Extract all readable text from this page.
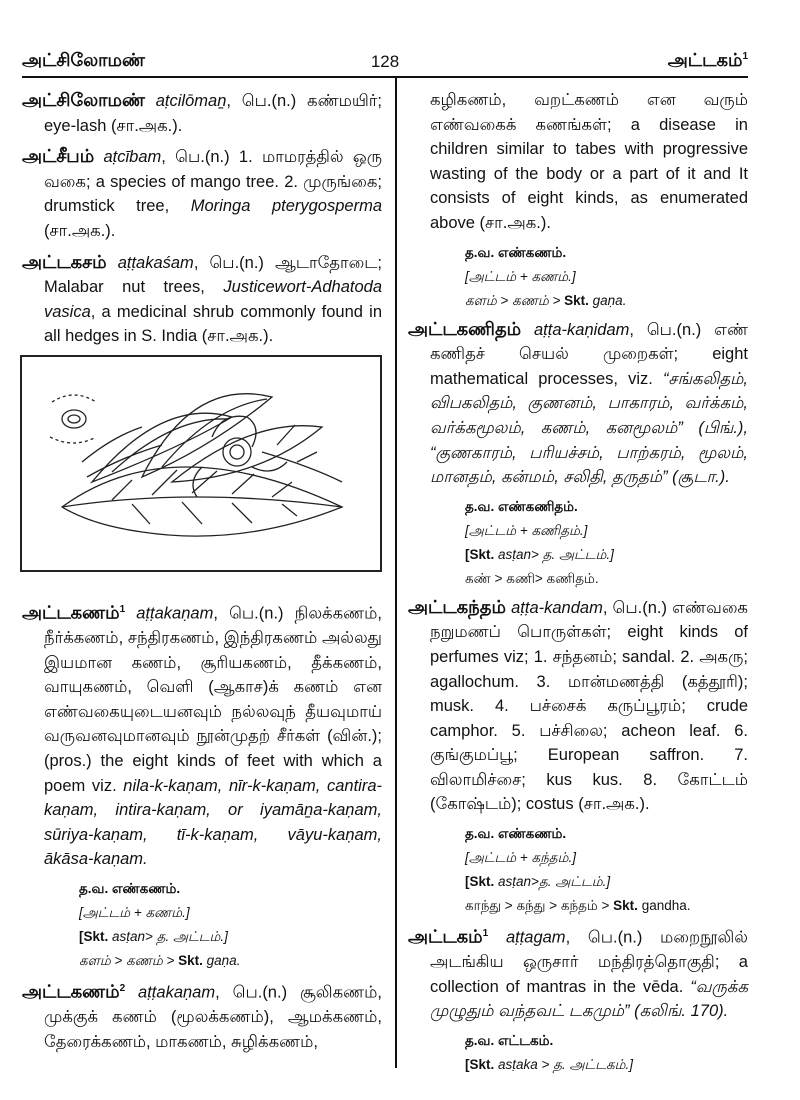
அட்சிலோமண்	128	அட்டகம்$^1$
அட்சிலோமண் aṭcilōmaṉ, பெ.(n.) கண்மயிர்; eye-lash (சா.அக.).
அட்சீபம் aṭcībam, பெ.(n.) 1. மாமரத்தில் ஒரு வகை; a species of mango tree. 2. முருங்கை; drumstick tree, Moringa pterygosperma (சா.அக.).
அட்டகசம் aṭṭakaśam, பெ.(n.) ஆடாதோடை; Malabar nut trees, Justicewort-Adhatoda vasica, a medicinal shrub commonly found in all hedges in S. India (சா.அக.).
அட்டகணம்$^1$ aṭṭakaṇam, பெ.(n.) நிலக்கணம், நீர்க்கணம், சந்திரகணம், இந்திரகணம் அல்லது இயமான கணம், சூரியகணம், தீக்கணம், வாயுகணம், வெளி (ஆகாச)க் கணம் என எண்வகையுடையனவும் நல்லவுந் தீயவுமாய் வருவனவுமானவும் நூன்முதற் சீர்கள் (வின்.); (pros.) the eight kinds of feet with which a poem viz. nila-k-kaṇam, nīr-k-kaṇam, cantira-kaṇam, intira-kaṇam, or iyamāṉa-kaṇam, sūriya-kaṇam, tī-k-kaṇam, vāyu-kaṇam, ākāsa-kaṇam.
த.வ. எண்கணம்.
[அட்டம் + கணம்.]
[Skt. asṭan> த. அட்டம்.]
களம் > கணம் > Skt. gaṇa.
அட்டகணம்$^2$ aṭṭakaṇam, பெ.(n.) சூலிகணம், முக்குக் கணம் (மூலக்கணம்), ஆமக்கணம், தேரைக்கணம், மாகணம், சுழிக்கணம்,
கழிகணம், வறட்கணம் என வரும் எண்வகைக் கணங்கள்; a disease in children similar to tabes with progressive wasting of the body or a part of it and It consists of eight kinds, as enumerated above (சா.அக.).
த.வ. எண்கணம்.
[அட்டம் + கணம்.]
களம் > கணம் > Skt. gaṇa.
அட்டகணிதம் aṭṭa-kaṇidam, பெ.(n.) எண் கணிதச் செயல் முறைகள்; eight mathematical processes, viz. “சங்கலிதம், விபகலிதம், குணனம், பாகாரம், வர்க்கம், வர்க்கமூலம், கணம், கனமூலம்” (பிங்.), “குணகாரம், பரியச்சம், பாற்கரம், மூலம், மானதம், கன்மம், சலிதி, தருதம்” (சூடா.).
த.வ. எண்கணிதம்.
[அட்டம் + கணிதம்.]
[Skt. asṭan> த. அட்டம்.]
கண் > கணி> கணிதம்.
அட்டகந்தம் aṭṭa-kandam, பெ.(n.) எண்வகை நறுமணப் பொருள்கள்; eight kinds of perfumes viz; 1. சந்தனம்; sandal. 2. அகரு; agallochum. 3. மான்மணத்தி (கத்தூரி); musk. 4. பச்சைக் கருப்பூரம்; crude camphor. 5. பச்சிலை; acheon leaf. 6. குங்குமப்பூ; European saffron. 7. விலாமிச்சை; kus kus. 8. கோட்டம் (கோஷ்டம்); costus (சா.அக.).
த.வ. எண்கணம்.
[அட்டம் + கந்தம்.]
[Skt. asṭan>த. அட்டம்.]
காந்து > கந்து > கந்தம் > Skt. gandha.
அட்டகம்$^1$ aṭṭagam, பெ.(n.) மறைநூலில் அடங்கிய ஒருசார் மந்திரத்தொகுதி; a collection of mantras in the vēda. “வருக்க முழுதும் வந்தவட் டகமும்” (கலிங். 170).
த.வ. எட்டகம்.
[Skt. asṭaka > த. அட்டகம்.]
